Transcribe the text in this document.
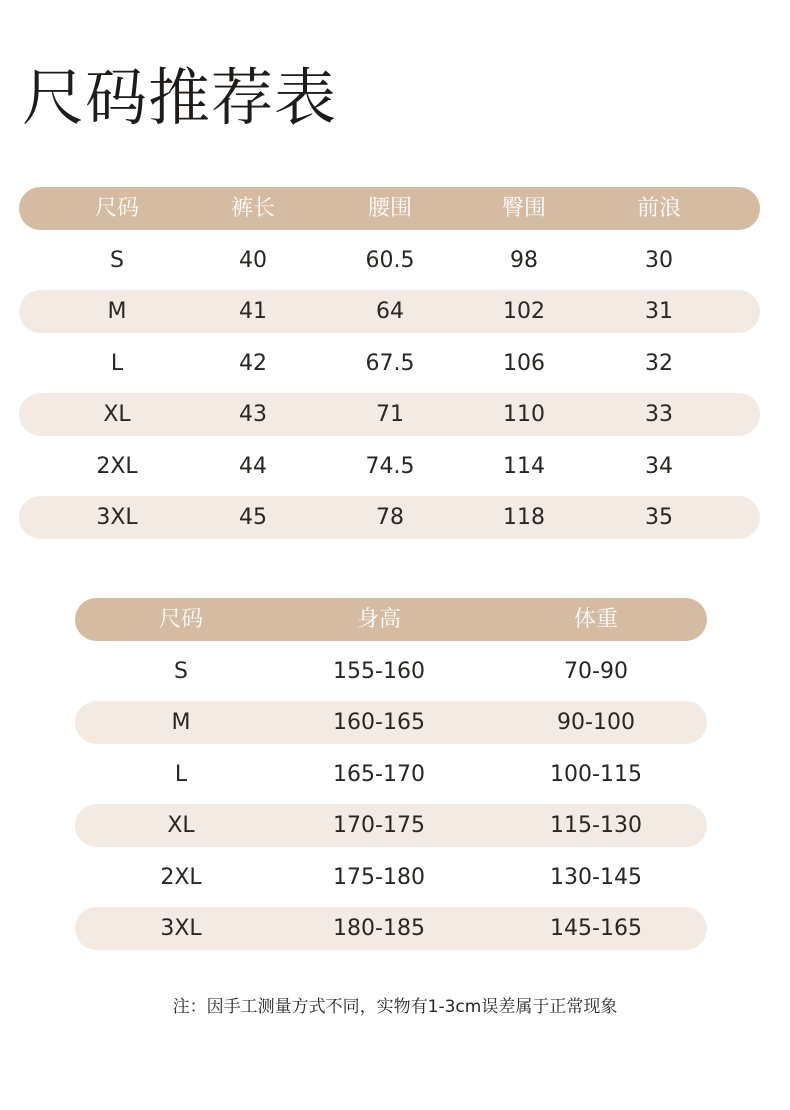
尺码推荐表
尺码	裤长	腰围	臀围	前浪
S	40	60.5	98	30
M	41	64	102	31
L	42	67.5	106	32
XL	43	71	110	33
2XL	44	74.5	114	34
3XL	45	78	118	35
尺码	身高	体重
S	155-160	70-90
M	160-165	90-100
L	165-170	100-115
XL	170-175	115-130
2XL	175-180	130-145
3XL	180-185	145-165
注：因手工测量方式不同，实物有1-3cm误差属于正常现象
